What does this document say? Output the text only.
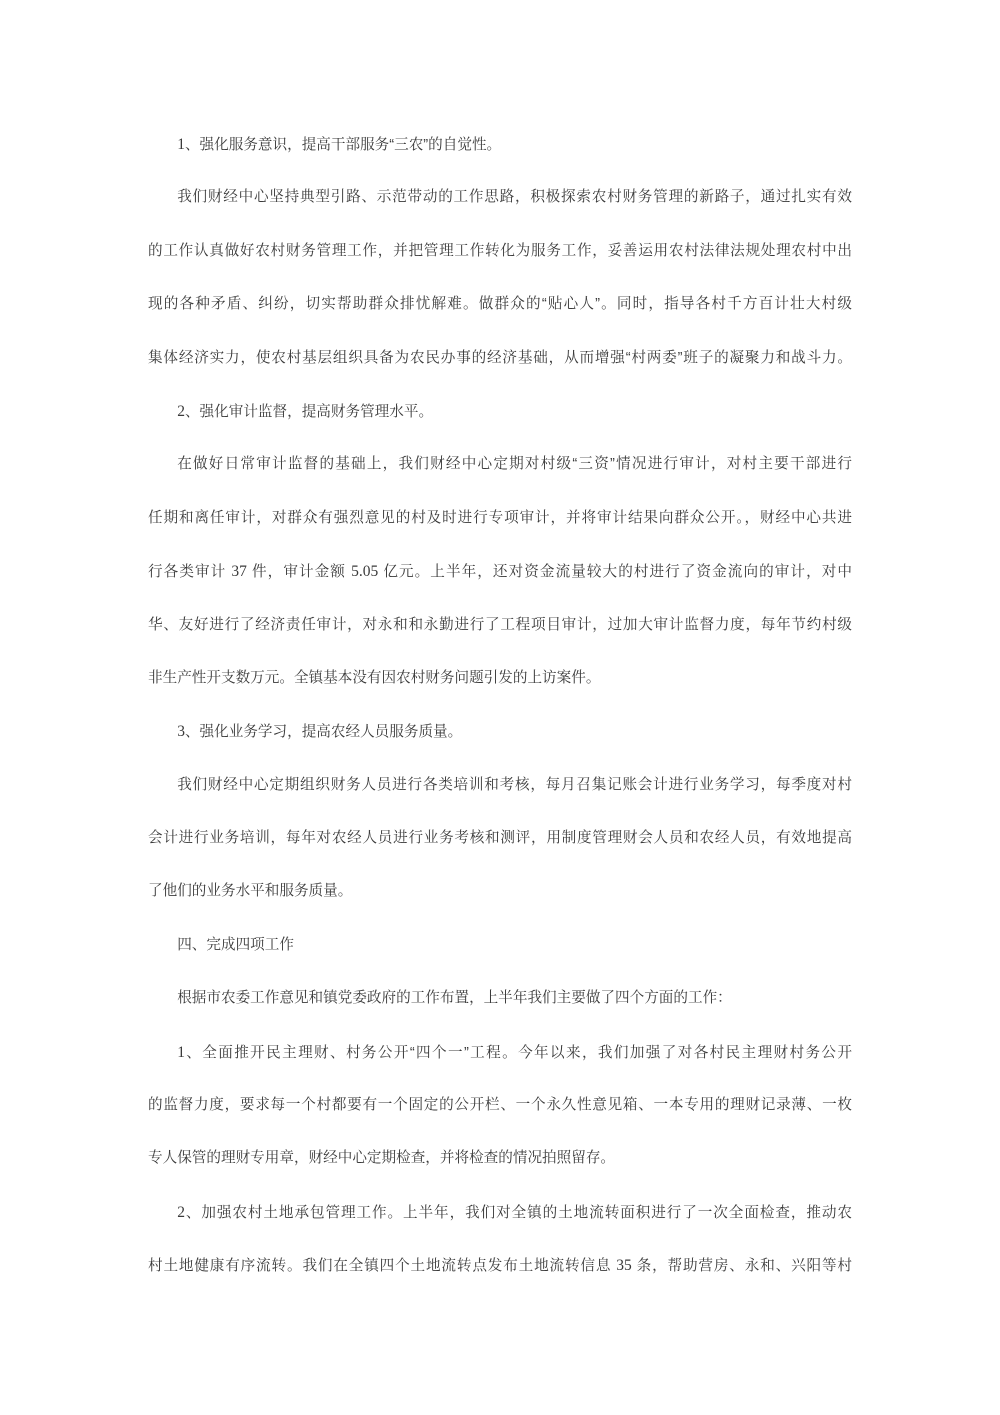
1、强化服务意识，提高干部服务“三农”的自觉性。
我们财经中心坚持典型引路、示范带动的工作思路，积极探索农村财务管理的新路子，通过扎实有效
的工作认真做好农村财务管理工作，并把管理工作转化为服务工作，妥善运用农村法律法规处理农村中出
现的各种矛盾、纠纷，切实帮助群众排忧解难。做群众的“贴心人”。同时，指导各村千方百计壮大村级
集体经济实力，使农村基层组织具备为农民办事的经济基础，从而增强“村两委”班子的凝聚力和战斗力。
2、强化审计监督，提高财务管理水平。
在做好日常审计监督的基础上，我们财经中心定期对村级“三资”情况进行审计，对村主要干部进行
任期和离任审计，对群众有强烈意见的村及时进行专项审计，并将审计结果向群众公开。，财经中心共进
行各类审计 37 件，审计金额 5.05 亿元。上半年，还对资金流量较大的村进行了资金流向的审计，对中
华、友好进行了经济责任审计，对永和和永勤进行了工程项目审计，过加大审计监督力度，每年节约村级
非生产性开支数万元。全镇基本没有因农村财务问题引发的上访案件。
3、强化业务学习，提高农经人员服务质量。
我们财经中心定期组织财务人员进行各类培训和考核，每月召集记账会计进行业务学习，每季度对村
会计进行业务培训，每年对农经人员进行业务考核和测评，用制度管理财会人员和农经人员，有效地提高
了他们的业务水平和服务质量。
四、完成四项工作
根据市农委工作意见和镇党委政府的工作布置，上半年我们主要做了四个方面的工作：
1、全面推开民主理财、村务公开“四个一”工程。今年以来，我们加强了对各村民主理财村务公开
的监督力度，要求每一个村都要有一个固定的公开栏、一个永久性意见箱、一本专用的理财记录薄、一枚
专人保管的理财专用章，财经中心定期检查，并将检查的情况拍照留存。
2、加强农村土地承包管理工作。上半年，我们对全镇的土地流转面积进行了一次全面检查，推动农
村土地健康有序流转。我们在全镇四个土地流转点发布土地流转信息 35 条，帮助营房、永和、兴阳等村
